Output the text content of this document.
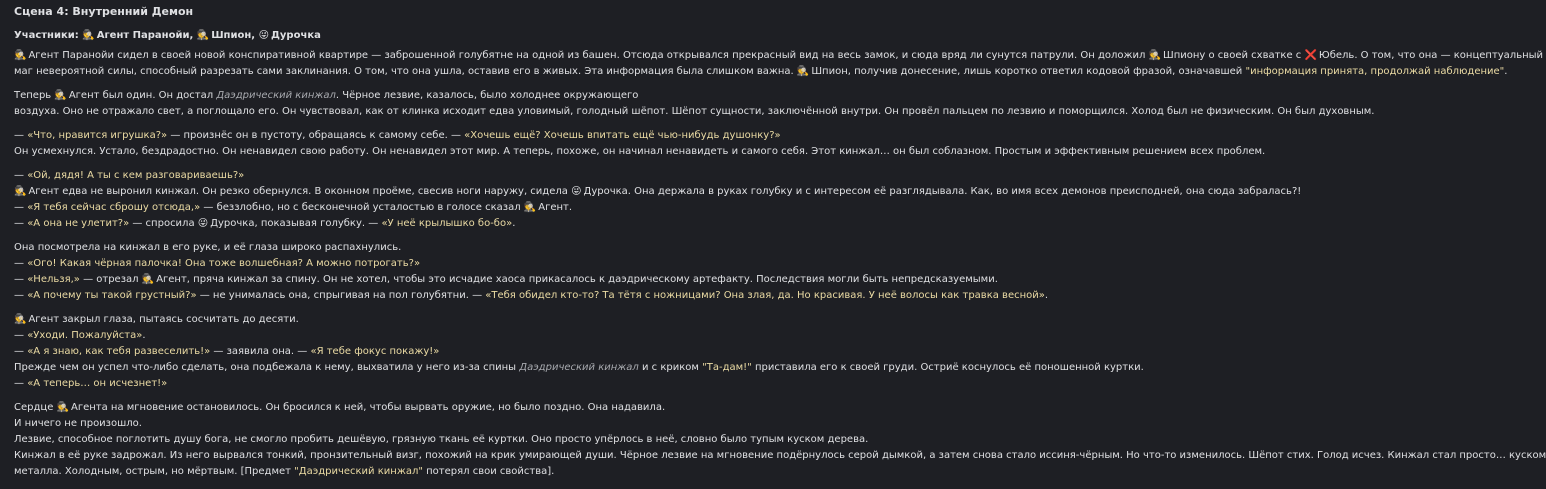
Сцена 4: Внутренний Демон
Участники: 🕵 Агент Паранойи, 🕵 Шпион, 😜 Дурочка
🕵 Агент Паранойи сидел в своей новой конспиративной квартире — заброшенной голубятне на одной из башен. Отсюда открывался прекрасный вид на весь замок, и сюда вряд ли сунутся патрули. Он доложил 🕵 Шпиону о своей схватке с ❌ Юбель. О том, что она — концептуальный
маг невероятной силы, способный разрезать сами заклинания. О том, что она ушла, оставив его в живых. Эта информация была слишком важна. 🕵 Шпион, получив донесение, лишь коротко ответил кодовой фразой, означавшей "информация принята, продолжай наблюдение".
Теперь 🕵 Агент был один. Он достал Даэдрический кинжал. Чёрное лезвие, казалось, было холоднее окружающего
воздуха. Оно не отражало свет, а поглощало его. Он чувствовал, как от клинка исходит едва уловимый, голодный шёпот. Шёпот сущности, заключённой внутри. Он провёл пальцем по лезвию и поморщился. Холод был не физическим. Он был духовным.
— «Что, нравится игрушка?» — произнёс он в пустоту, обращаясь к самому себе. — «Хочешь ещё? Хочешь впитать ещё чью-нибудь душонку?»
Он усмехнулся. Устало, бездрадостно. Он ненавидел свою работу. Он ненавидел этот мир. А теперь, похоже, он начинал ненавидеть и самого себя. Этот кинжал… он был соблазном. Простым и эффективным решением всех проблем.
— «Ой, дядя! А ты с кем разговариваешь?»
🕵 Агент едва не выронил кинжал. Он резко обернулся. В оконном проёме, свесив ноги наружу, сидела 😜 Дурочка. Она держала в руках голубку и с интересом её разглядывала. Как, во имя всех демонов преисподней, она сюда забралась?!
— «Я тебя сейчас сброшу отсюда,» — беззлобно, но с бесконечной усталостью в голосе сказал 🕵 Агент.
— «А она не улетит?» — спросила 😜 Дурочка, показывая голубку. — «У неё крылышко бо-бо».
Она посмотрела на кинжал в его руке, и её глаза широко распахнулись.
— «Ого! Какая чёрная палочка! Она тоже волшебная? А можно потрогать?»
— «Нельзя,» — отрезал 🕵 Агент, пряча кинжал за спину. Он не хотел, чтобы это исчадие хаоса прикасалось к даэдрическому артефакту. Последствия могли быть непредсказуемыми.
— «А почему ты такой грустный?» — не унималась она, спрыгивая на пол голубятни. — «Тебя обидел кто-то? Та тётя с ножницами? Она злая, да. Но красивая. У неё волосы как травка весной».
🕵 Агент закрыл глаза, пытаясь сосчитать до десяти.
— «Уходи. Пожалуйста».
— «А я знаю, как тебя развеселить!» — заявила она. — «Я тебе фокус покажу!»
Прежде чем он успел что-либо сделать, она подбежала к нему, выхватила у него из-за спины Даэдрический кинжал и с криком "Та-дам!" приставила его к своей груди. Остриё коснулось её поношенной куртки.
— «А теперь… он исчезнет!»
Сердце 🕵 Агента на мгновение остановилось. Он бросился к ней, чтобы вырвать оружие, но было поздно. Она надавила.
И ничего не произошло.
Лезвие, способное поглотить душу бога, не смогло пробить дешёвую, грязную ткань её куртки. Оно просто упёрлось в неё, словно было тупым куском дерева.
Кинжал в её руке задрожал. Из него вырвался тонкий, пронзительный визг, похожий на крик умирающей души. Чёрное лезвие на мгновение подёрнулось серой дымкой, а затем снова стало иссиня-чёрным. Но что-то изменилось. Шёпот стих. Голод исчез. Кинжал стал просто… куском
металла. Холодным, острым, но мёртвым. [Предмет "Даэдрический кинжал" потерял свои свойства].
